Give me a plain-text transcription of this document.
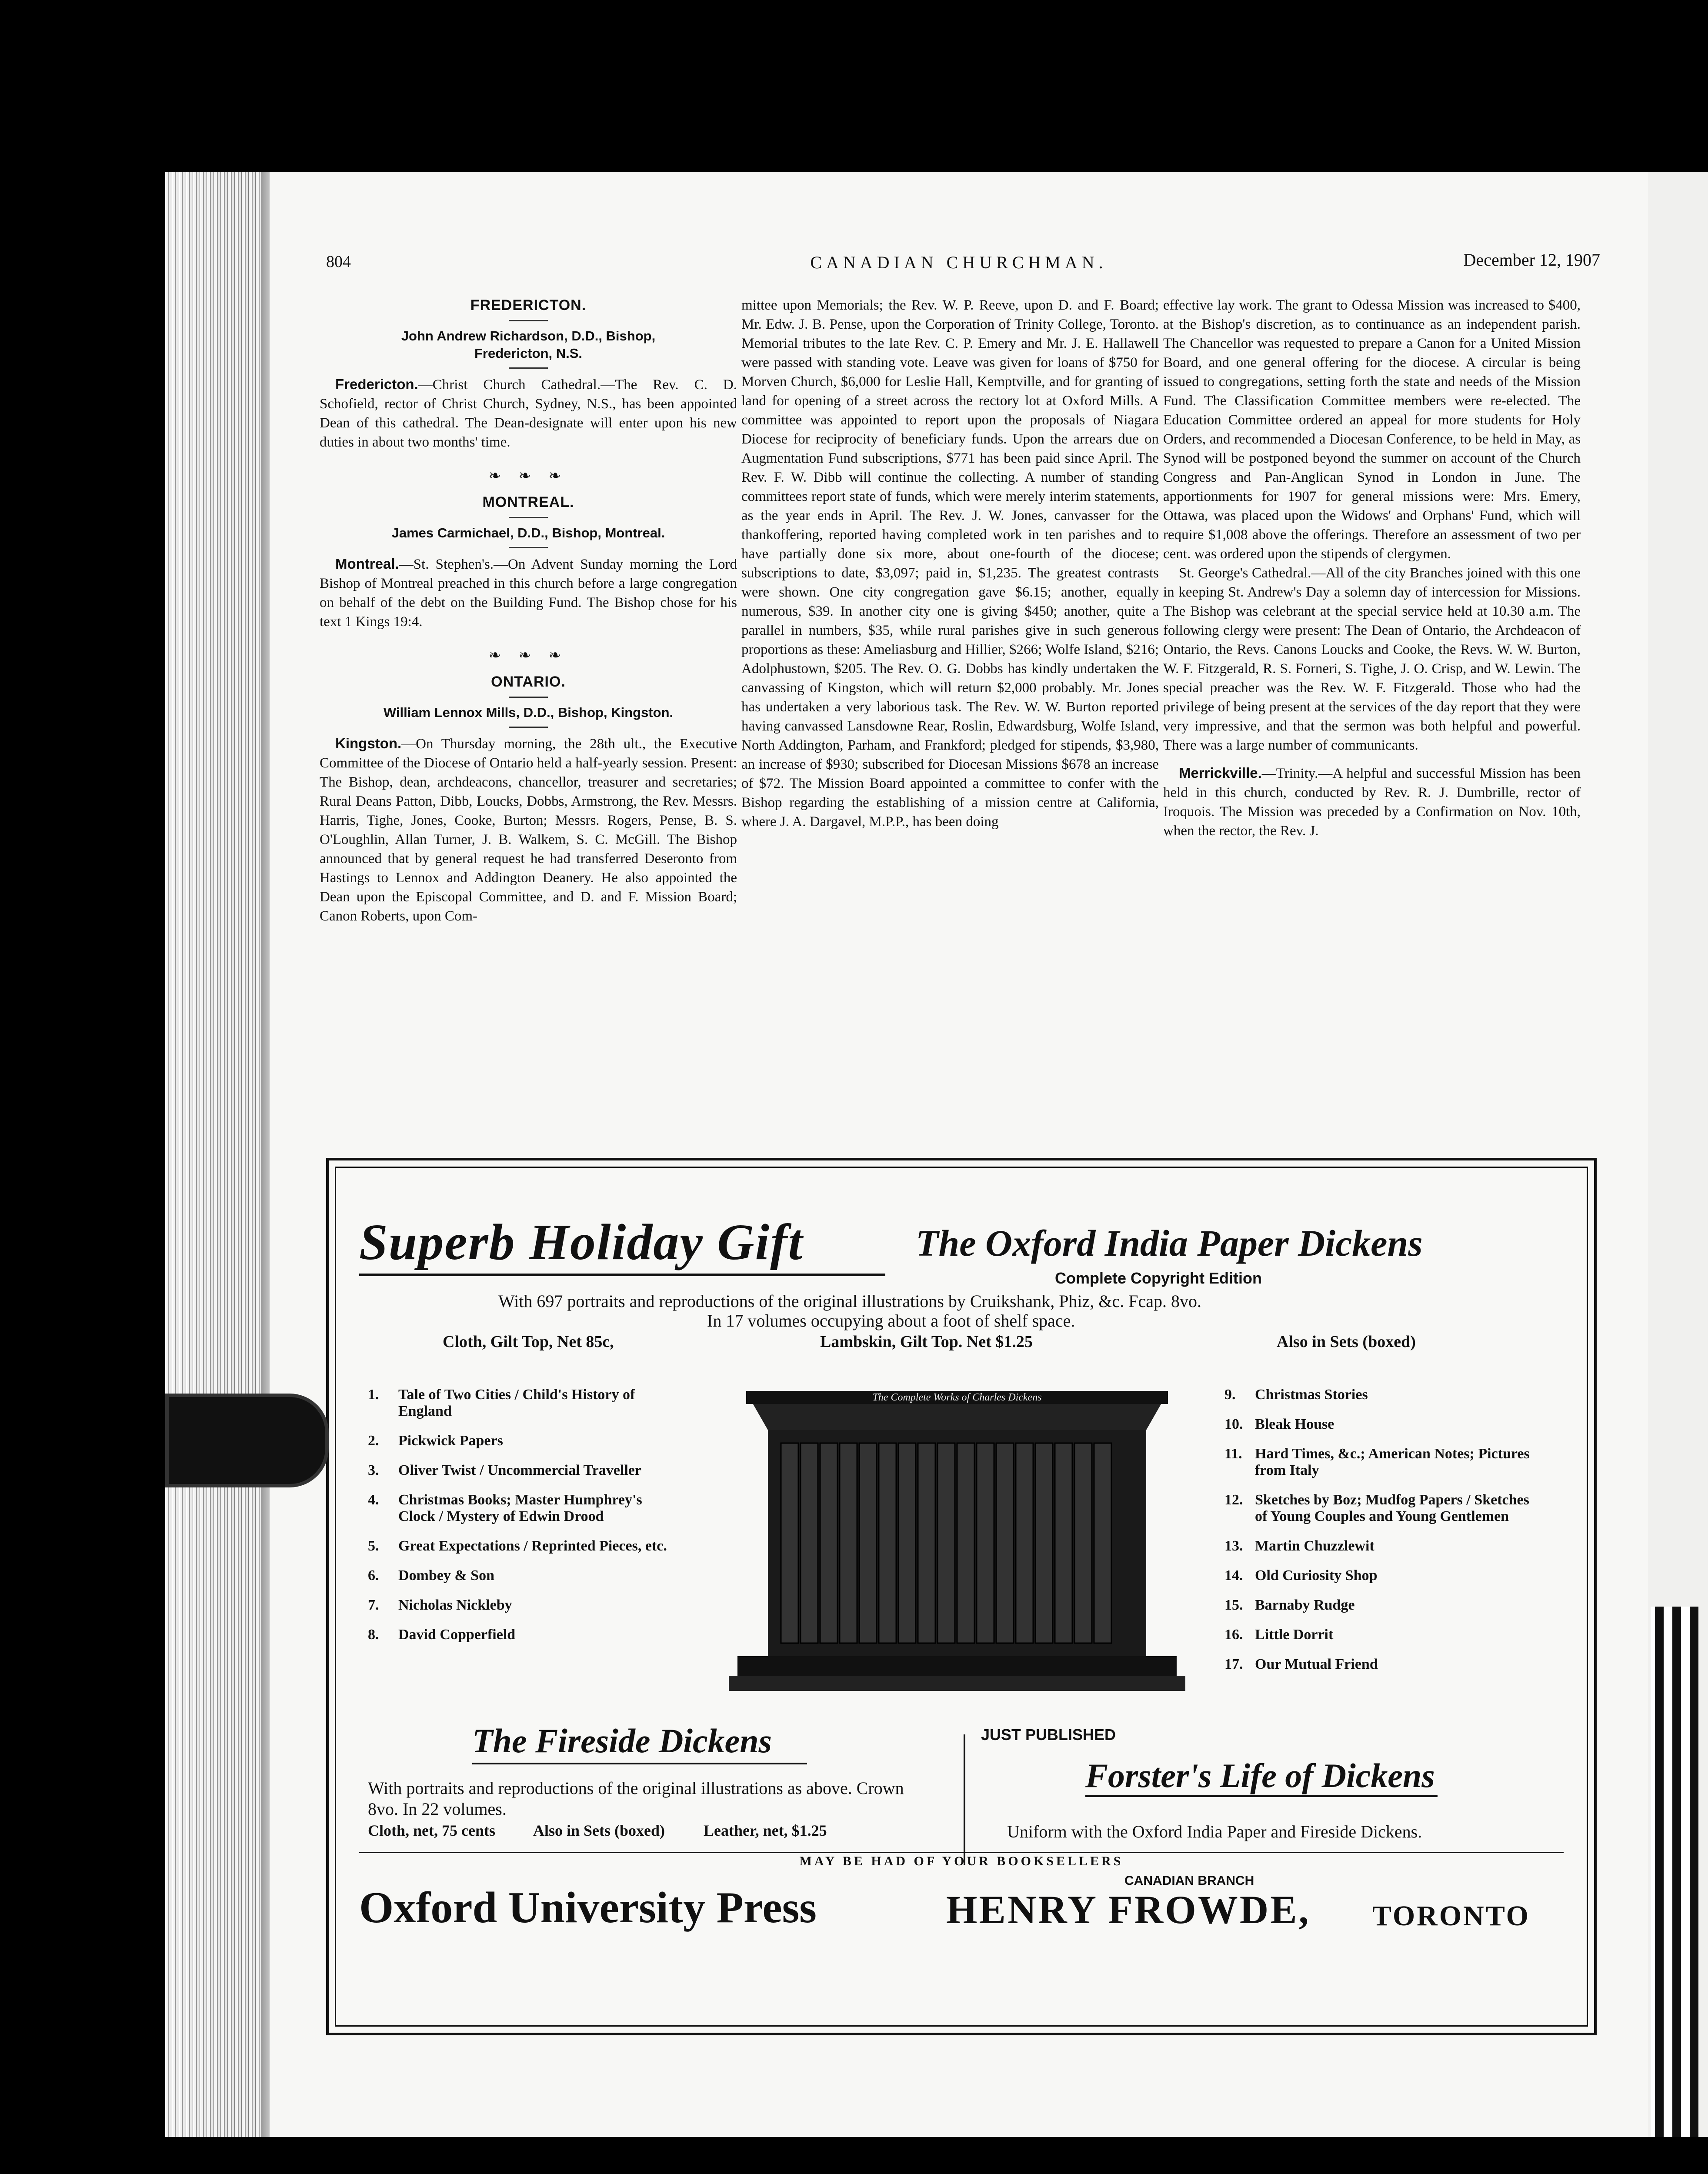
804	CANADIAN CHURCHMAN.	December 12, 1907

FREDERICTON.

John Andrew Richardson, D.D., Bishop,

Fredericton, N.S.

Fredericton.—Christ Church Cathedral.—The Rev. C. D. Schofield, rector of Christ Church, Sydney, N.S., has been appointed Dean of this cathedral. The Dean-designate will enter upon his new duties in about two months' time.

❧ ❧ ❧

MONTREAL.

James Carmichael, D.D., Bishop, Montreal.

Montreal.—St. Stephen's.—On Advent Sunday morning the Lord Bishop of Montreal preached in this church before a large congregation on behalf of the debt on the Building Fund. The Bishop chose for his text 1 Kings 19:4.

❧ ❧ ❧

ONTARIO.

William Lennox Mills, D.D., Bishop, Kingston.

Kingston.—On Thursday morning, the 28th ult., the Executive Committee of the Diocese of Ontario held a half-yearly session. Present: The Bishop, dean, archdeacons, chancellor, treasurer and secretaries; Rural Deans Patton, Dibb, Loucks, Dobbs, Armstrong, the Rev. Messrs. Harris, Tighe, Jones, Cooke, Burton; Messrs. Rogers, Pense, B. S. O'Loughlin, Allan Turner, J. B. Walkem, S. C. McGill. The Bishop announced that by general request he had transferred Deseronto from Hastings to Lennox and Addington Deanery. He also appointed the Dean upon the Episcopal Committee, and D. and F. Mission Board; Canon Roberts, upon Com-

mittee upon Memorials; the Rev. W. P. Reeve, upon D. and F. Board; Mr. Edw. J. B. Pense, upon the Corporation of Trinity College, Toronto. Memorial tributes to the late Rev. C. P. Emery and Mr. J. E. Hallawell were passed with standing vote. Leave was given for loans of $750 for Morven Church, $6,000 for Leslie Hall, Kemptville, and for granting of land for opening of a street across the rectory lot at Oxford Mills. A committee was appointed to report upon the proposals of Niagara Diocese for reciprocity of beneficiary funds. Upon the arrears due on Augmentation Fund subscriptions, $771 has been paid since April. The Rev. F. W. Dibb will continue the collecting. A number of standing committees report state of funds, which were merely interim statements, as the year ends in April. The Rev. J. W. Jones, canvasser for the thankoffering, reported having completed work in ten parishes and to have partially done six more, about one-fourth of the diocese; subscriptions to date, $3,097; paid in, $1,235. The greatest contrasts were shown. One city congregation gave $6.15; another, equally numerous, $39. In another city one is giving $450; another, quite a parallel in numbers, $35, while rural parishes give in such generous proportions as these: Ameliasburg and Hillier, $266; Wolfe Island, $216; Adolphustown, $205. The Rev. O. G. Dobbs has kindly undertaken the canvassing of Kingston, which will return $2,000 probably. Mr. Jones has undertaken a very laborious task. The Rev. W. W. Burton reported having canvassed Lansdowne Rear, Roslin, Edwardsburg, Wolfe Island, North Addington, Parham, and Frankford; pledged for stipends, $3,980, an increase of $930; subscribed for Diocesan Missions $678 an increase of $72. The Mission Board appointed a committee to confer with the Bishop regarding the establishing of a mission centre at California, where J. A. Dargavel, M.P.P., has been doing

effective lay work. The grant to Odessa Mission was increased to $400, at the Bishop's discretion, as to continuance as an independent parish. The Chancellor was requested to prepare a Canon for a United Mission Board, and one general offering for the diocese. A circular is being issued to congregations, setting forth the state and needs of the Mission Fund. The Classification Committee members were re-elected. The Education Committee ordered an appeal for more students for Holy Orders, and recommended a Diocesan Conference, to be held in May, as Synod will be postponed beyond the summer on account of the Church Congress and Pan-Anglican Synod in London in June. The apportionments for 1907 for general missions were: Mrs. Emery, Ottawa, was placed upon the Widows' and Orphans' Fund, which will require $1,008 above the offerings. Therefore an assessment of two per cent. was ordered upon the stipends of clergymen.

St. George's Cathedral.—All of the city Branches joined with this one in keeping St. Andrew's Day a solemn day of intercession for Missions. The Bishop was celebrant at the special service held at 10.30 a.m. The following clergy were present: The Dean of Ontario, the Archdeacon of Ontario, the Revs. Canons Loucks and Cooke, the Revs. W. W. Burton, W. F. Fitzgerald, R. S. Forneri, S. Tighe, J. O. Crisp, and W. Lewin. The special preacher was the Rev. W. F. Fitzgerald. Those who had the privilege of being present at the services of the day report that they were very impressive, and that the sermon was both helpful and powerful. There was a large number of communicants.

Merrickville.—Trinity.—A helpful and successful Mission has been held in this church, conducted by Rev. R. J. Dumbrille, rector of Iroquois. The Mission was preceded by a Confirmation on Nov. 10th, when the rector, the Rev. J.

Superb Holiday Gift	The Oxford India Paper Dickens
Complete Copyright Edition
With 697 portraits and reproductions of the original illustrations by Cruikshank, Phiz, &c. Fcap. 8vo.
In 17 volumes occupying about a foot of shelf space.
Cloth, Gilt Top, Net 85c,	Lambskin, Gilt Top. Net $1.25	Also in Sets (boxed)
1.	Tale of Two Cities / Child's History of England
2.	Pickwick Papers
3.	Oliver Twist / Uncommercial Traveller
4.	Christmas Books; Master Humphrey's Clock / Mystery of Edwin Drood
5.	Great Expectations / Reprinted Pieces, etc.
6.	Dombey & Son
7.	Nicholas Nickleby
8.	David Copperfield
The Complete Works of Charles Dickens	9.	Christmas Stories
10. Bleak House
11. Hard Times, &c.; American Notes; Pictures from Italy
12. Sketches by Boz; Mudfog Papers / Sketches of Young Couples and Young Gentlemen
13. Martin Chuzzlewit
14. Old Curiosity Shop
15. Barnaby Rudge
16. Little Dorrit
17. Our Mutual Friend
The Fireside Dickens
With portraits and reproductions of the original illustrations as above. Crown 8vo. In 22 volumes.
Cloth, net, 75 cents Also in Sets (boxed) Leather, net, $1.25
JUST PUBLISHED
Forster's Life of Dickens
Uniform with the Oxford India Paper and Fireside Dickens.
MAY BE HAD OF YOUR BOOKSELLERS
CANADIAN BRANCH
Oxford University Press	HENRY FROWDE, TORONTO
